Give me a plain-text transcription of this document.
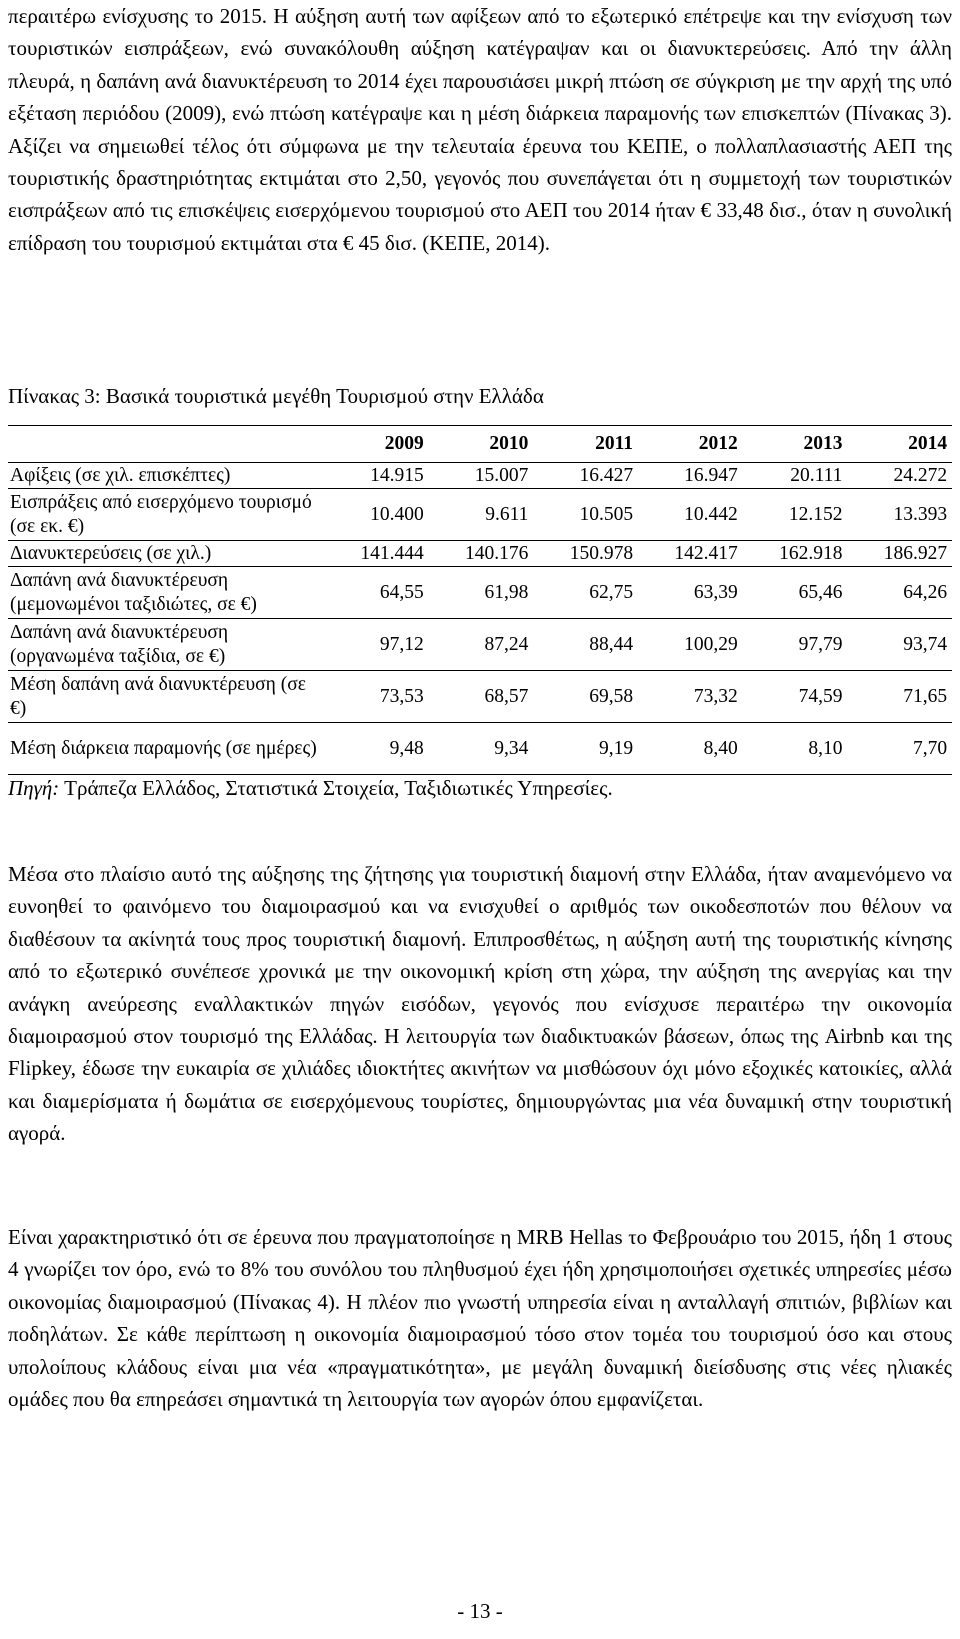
περαιτέρω ενίσχυσης το 2015. Η αύξηση αυτή των αφίξεων από το εξωτερικό επέτρεψε και την ενίσχυση των τουριστικών εισπράξεων, ενώ συνακόλουθη αύξηση κατέγραψαν και οι διανυκτερεύσεις. Από την άλλη πλευρά, η δαπάνη ανά διανυκτέρευση το 2014 έχει παρουσιάσει μικρή πτώση σε σύγκριση με την αρχή της υπό εξέταση περιόδου (2009), ενώ πτώση κατέγραψε και η μέση διάρκεια παραμονής των επισκεπτών (Πίνακας 3). Αξίζει να σημειωθεί τέλος ότι σύμφωνα με την τελευταία έρευνα του ΚΕΠΕ, ο πολλαπλασιαστής ΑΕΠ της τουριστικής δραστηριότητας εκτιμάται στο 2,50, γεγονός που συνεπάγεται ότι η συμμετοχή των τουριστικών εισπράξεων από τις επισκέψεις εισερχόμενου τουρισμού στο ΑΕΠ του 2014 ήταν € 33,48 δισ., όταν η συνολική επίδραση του τουρισμού εκτιμάται στα € 45 δισ. (ΚΕΠΕ, 2014).

Πίνακας 3: Βασικά τουριστικά μεγέθη Τουρισμού στην Ελλάδα

	2009	2010	2011	2012	2013	2014
Αφίξεις (σε χιλ. επισκέπτες)	14.915	15.007	16.427	16.947	20.111	24.272
Εισπράξεις από εισερχόμενο τουρισμό (σε εκ. €)	10.400	9.611	10.505	10.442	12.152	13.393
Διανυκτερεύσεις (σε χιλ.)	141.444	140.176	150.978	142.417	162.918	186.927
Δαπάνη ανά διανυκτέρευση (μεμονωμένοι ταξιδιώτες, σε €)	64,55	61,98	62,75	63,39	65,46	64,26
Δαπάνη ανά διανυκτέρευση (οργανωμένα ταξίδια, σε €)	97,12	87,24	88,44	100,29	97,79	93,74
Μέση δαπάνη ανά διανυκτέρευση (σε €)	73,53	68,57	69,58	73,32	74,59	71,65
Μέση διάρκεια παραμονής (σε ημέρες)	9,48	9,34	9,19	8,40	8,10	7,70

Πηγή: Τράπεζα Ελλάδος, Στατιστικά Στοιχεία, Ταξιδιωτικές Υπηρεσίες.

Μέσα στο πλαίσιο αυτό της αύξησης της ζήτησης για τουριστική διαμονή στην Ελλάδα, ήταν αναμενόμενο να ευνοηθεί το φαινόμενο του διαμοιρασμού και να ενισχυθεί ο αριθμός των οικοδεσποτών που θέλουν να διαθέσουν τα ακίνητά τους προς τουριστική διαμονή. Επιπροσθέτως, η αύξηση αυτή της τουριστικής κίνησης από το εξωτερικό συνέπεσε χρονικά με την οικονομική κρίση στη χώρα, την αύξηση της ανεργίας και την ανάγκη ανεύρεσης εναλλακτικών πηγών εισόδων, γεγονός που ενίσχυσε περαιτέρω την οικονομία διαμοιρασμού στον τουρισμό της Ελλάδας. Η λειτουργία των διαδικτυακών βάσεων, όπως της Airbnb και της Flipkey, έδωσε την ευκαιρία σε χιλιάδες ιδιοκτήτες ακινήτων να μισθώσουν όχι μόνο εξοχικές κατοικίες, αλλά και διαμερίσματα ή δωμάτια σε εισερχόμενους τουρίστες, δημιουργώντας μια νέα δυναμική στην τουριστική αγορά.

Είναι χαρακτηριστικό ότι σε έρευνα που πραγματοποίησε η MRB Hellas το Φεβρουάριο του 2015, ήδη 1 στους 4 γνωρίζει τον όρο, ενώ το 8% του συνόλου του πληθυσμού έχει ήδη χρησιμοποιήσει σχετικές υπηρεσίες μέσω οικονομίας διαμοιρασμού (Πίνακας 4). Η πλέον πιο γνωστή υπηρεσία είναι η ανταλλαγή σπιτιών, βιβλίων και ποδηλάτων. Σε κάθε περίπτωση η οικονομία διαμοιρασμού τόσο στον τομέα του τουρισμού όσο και στους υπολοίπους κλάδους είναι μια νέα «πραγματικότητα», με μεγάλη δυναμική διείσδυσης στις νέες ηλιακές ομάδες που θα επηρεάσει σημαντικά τη λειτουργία των αγορών όπου εμφανίζεται.

- 13 -
